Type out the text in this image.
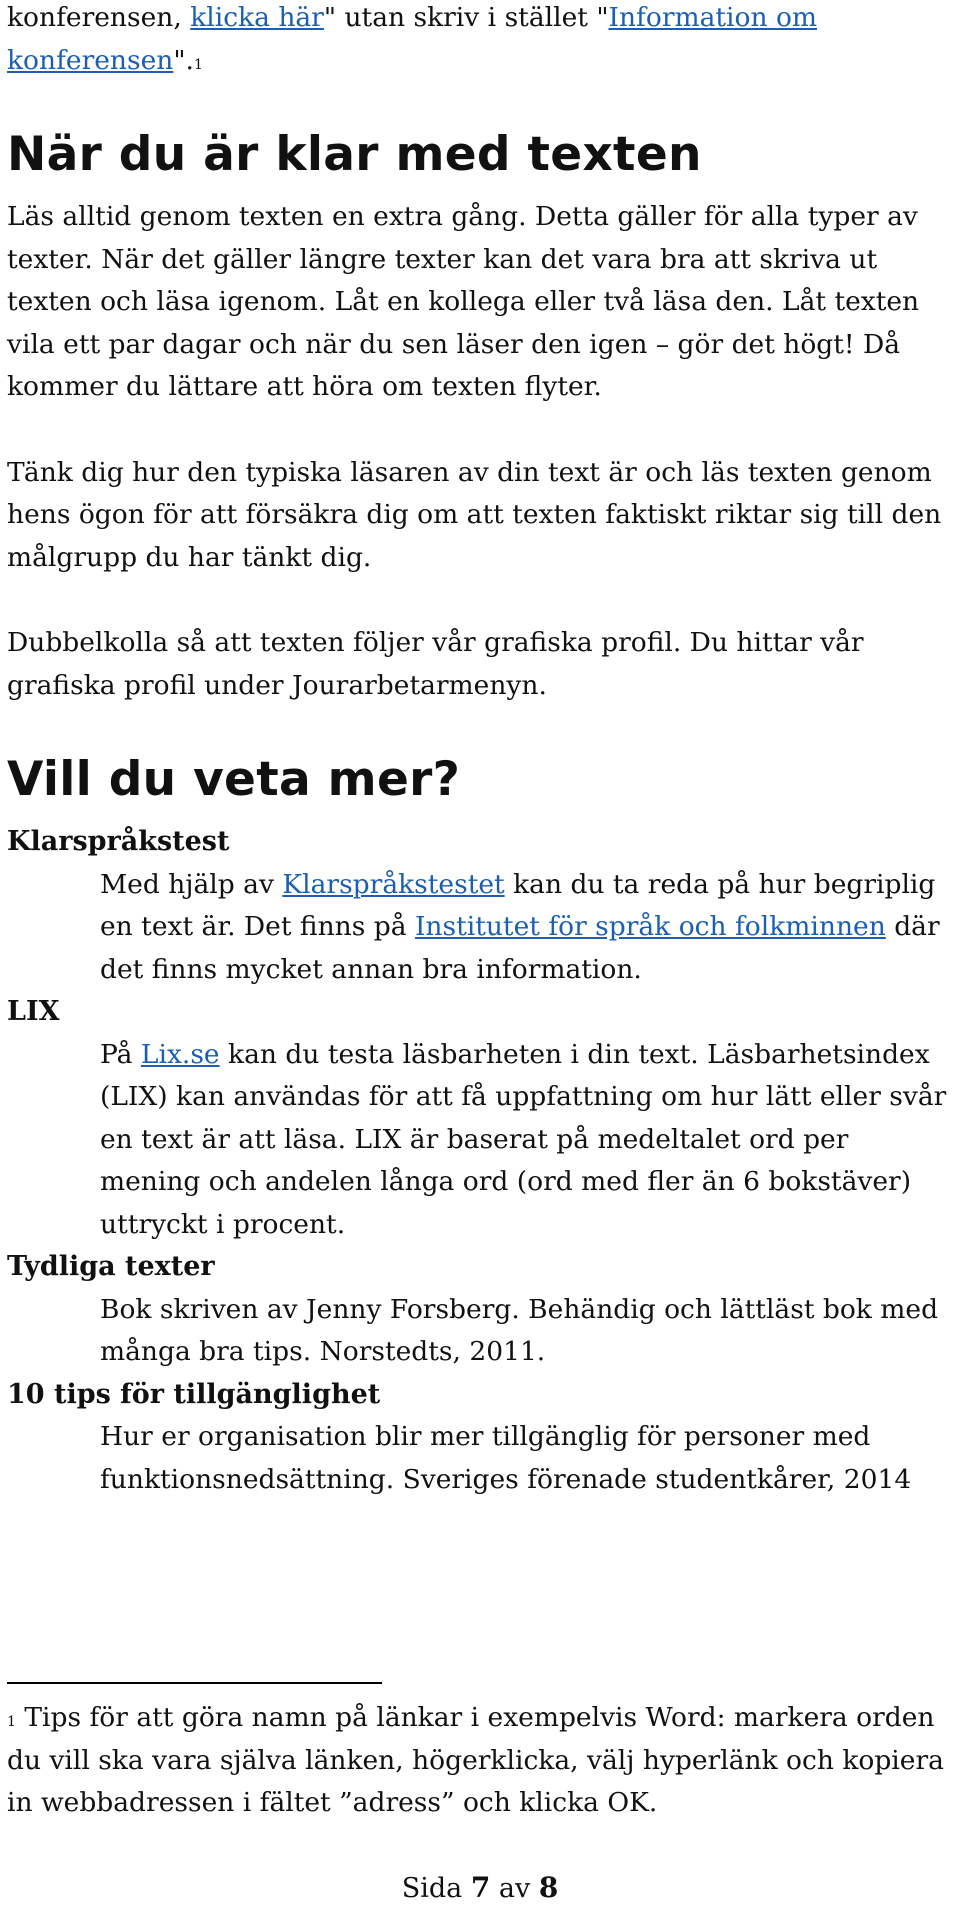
konferensen, klicka här" utan skriv i stället "Information om konferensen".$^1$

När du är klar med texten

Läs alltid genom texten en extra gång. Detta gäller för alla typer av texter. När det gäller längre texter kan det vara bra att skriva ut texten och läsa igenom. Låt en kollega eller två läsa den. Låt texten vila ett par dagar och när du sen läser den igen – gör det högt! Då kommer du lättare att höra om texten flyter.

Tänk dig hur den typiska läsaren av din text är och läs texten genom hens ögon för att försäkra dig om att texten faktiskt riktar sig till den målgrupp du har tänkt dig.

Dubbelkolla så att texten följer vår grafiska profil. Du hittar vår grafiska profil under Jourarbetarmenyn.

Vill du veta mer?
Klarspråkstest

Med hjälp av Klarspråkstestet kan du ta reda på hur begriplig en text är. Det finns på Institutet för språk och folkminnen där det finns mycket annan bra information.

LIX

På Lix.se kan du testa läsbarheten i din text. Läsbarhetsindex (LIX) kan användas för att få uppfattning om hur lätt eller svår en text är att läsa. LIX är baserat på medeltalet ord per mening och andelen långa ord (ord med fler än 6 bokstäver) uttryckt i procent.

Tydliga texter

Bok skriven av Jenny Forsberg. Behändig och lättläst bok med många bra tips. Norstedts, 2011.

10 tips för tillgänglighet

Hur er organisation blir mer tillgänglig för personer med funktionsnedsättning. Sveriges förenade studentkårer, 2014

$^1$ Tips för att göra namn på länkar i exempelvis Word: markera orden du vill ska vara själva länken, högerklicka, välj hyperlänk och kopiera in webbadressen i fältet ”adress” och klicka OK.

Sida 7 av 8
